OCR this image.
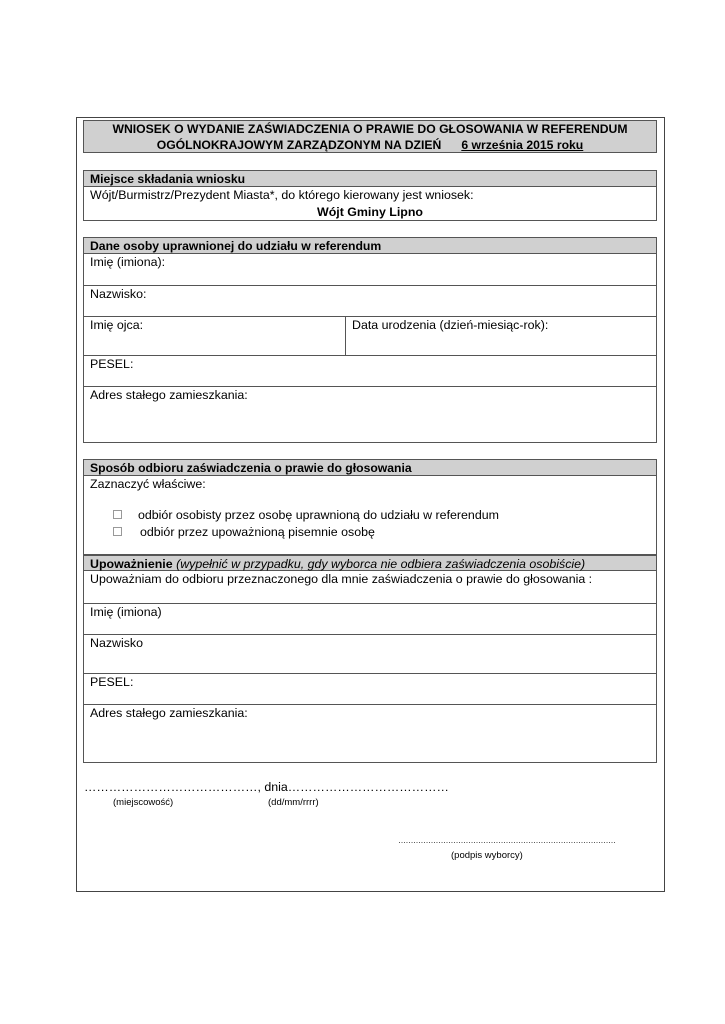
WNIOSEK O WYDANIE ZAŚWIADCZENIA O PRAWIE DO GŁOSOWANIA W REFERENDUM
OGÓLNOKRAJOWYM ZARZĄDZONYM NA DZIEŃ 6 września 2015 roku
Miejsce składania wniosku
Wójt/Burmistrz/Prezydent Miasta*, do którego kierowany jest wniosek:
Wójt Gminy Lipno
Dane osoby uprawnionej do udziału w referendum
Imię (imiona):
Nazwisko:
Imię ojca:	Data urodzenia (dzień-miesiąc-rok):
PESEL:
Adres stałego zamieszkania:
Sposób odbioru zaświadczenia o prawie do głosowania
Zaznaczyć właściwe:
odbiór osobisty przez osobę uprawnioną do udziału w referendum
odbiór przez upoważnioną pisemnie osobę
Upoważnienie (wypełnić w przypadku, gdy wyborca nie odbiera zaświadczenia osobiście)
Upoważniam do odbioru przeznaczonego dla mnie zaświadczenia o prawie do głosowania :
Imię (imiona)
Nazwisko
PESEL:
Adres stałego zamieszkania:
……………………………………, dnia…………………………………
(miejscowość)	(dd/mm/rrrr)
……………………………………………………………………………
(podpis wyborcy)
